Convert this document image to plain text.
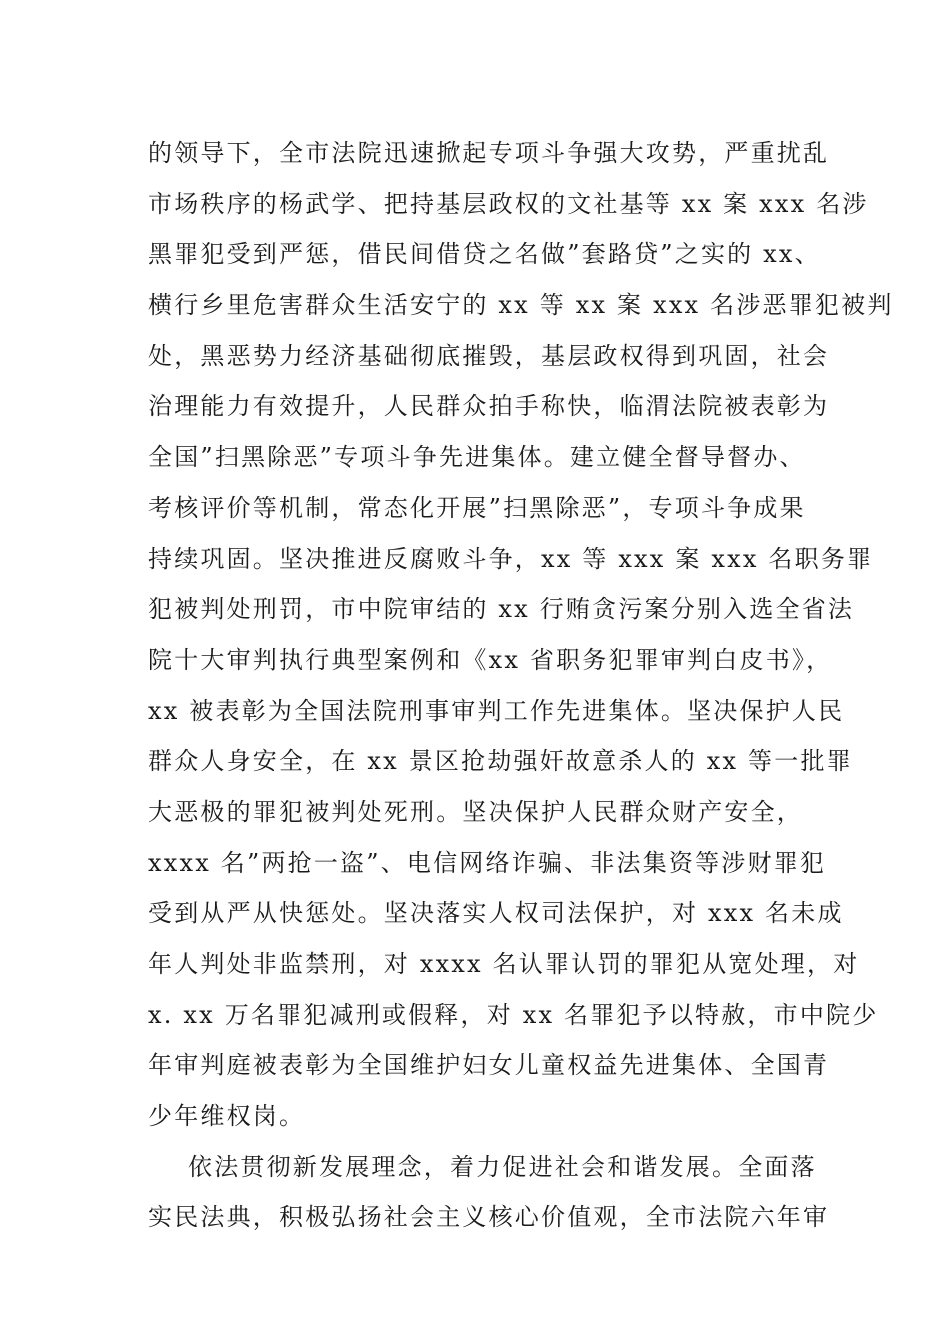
的领导下，全市法院迅速掀起专项斗争强大攻势，严重扰乱
市场秩序的杨武学、把持基层政权的文社基等 xx 案 xxx 名涉
黑罪犯受到严惩，借民间借贷之名做”套路贷”之实的 xx、
横行乡里危害群众生活安宁的 xx 等 xx 案 xxx 名涉恶罪犯被判
处，黑恶势力经济基础彻底摧毁，基层政权得到巩固，社会
治理能力有效提升，人民群众拍手称快，临渭法院被表彰为
全国”扫黑除恶”专项斗争先进集体。建立健全督导督办、
考核评价等机制，常态化开展”扫黑除恶”，专项斗争成果
持续巩固。坚决推进反腐败斗争，xx 等 xxx 案 xxx 名职务罪
犯被判处刑罚，市中院审结的 xx 行贿贪污案分别入选全省法
院十大审判执行典型案例和《xx 省职务犯罪审判白皮书》，
xx 被表彰为全国法院刑事审判工作先进集体。坚决保护人民
群众人身安全，在 xx 景区抢劫强奸故意杀人的 xx 等一批罪
大恶极的罪犯被判处死刑。坚决保护人民群众财产安全，
xxxx 名”两抢一盗”、电信网络诈骗、非法集资等涉财罪犯
受到从严从快惩处。坚决落实人权司法保护，对 xxx 名未成
年人判处非监禁刑，对 xxxx 名认罪认罚的罪犯从宽处理，对
x. xx 万名罪犯减刑或假释，对 xx 名罪犯予以特赦，市中院少
年审判庭被表彰为全国维护妇女儿童权益先进集体、全国青
少年维权岗。
依法贯彻新发展理念，着力促进社会和谐发展。全面落
实民法典，积极弘扬社会主义核心价值观，全市法院六年审
